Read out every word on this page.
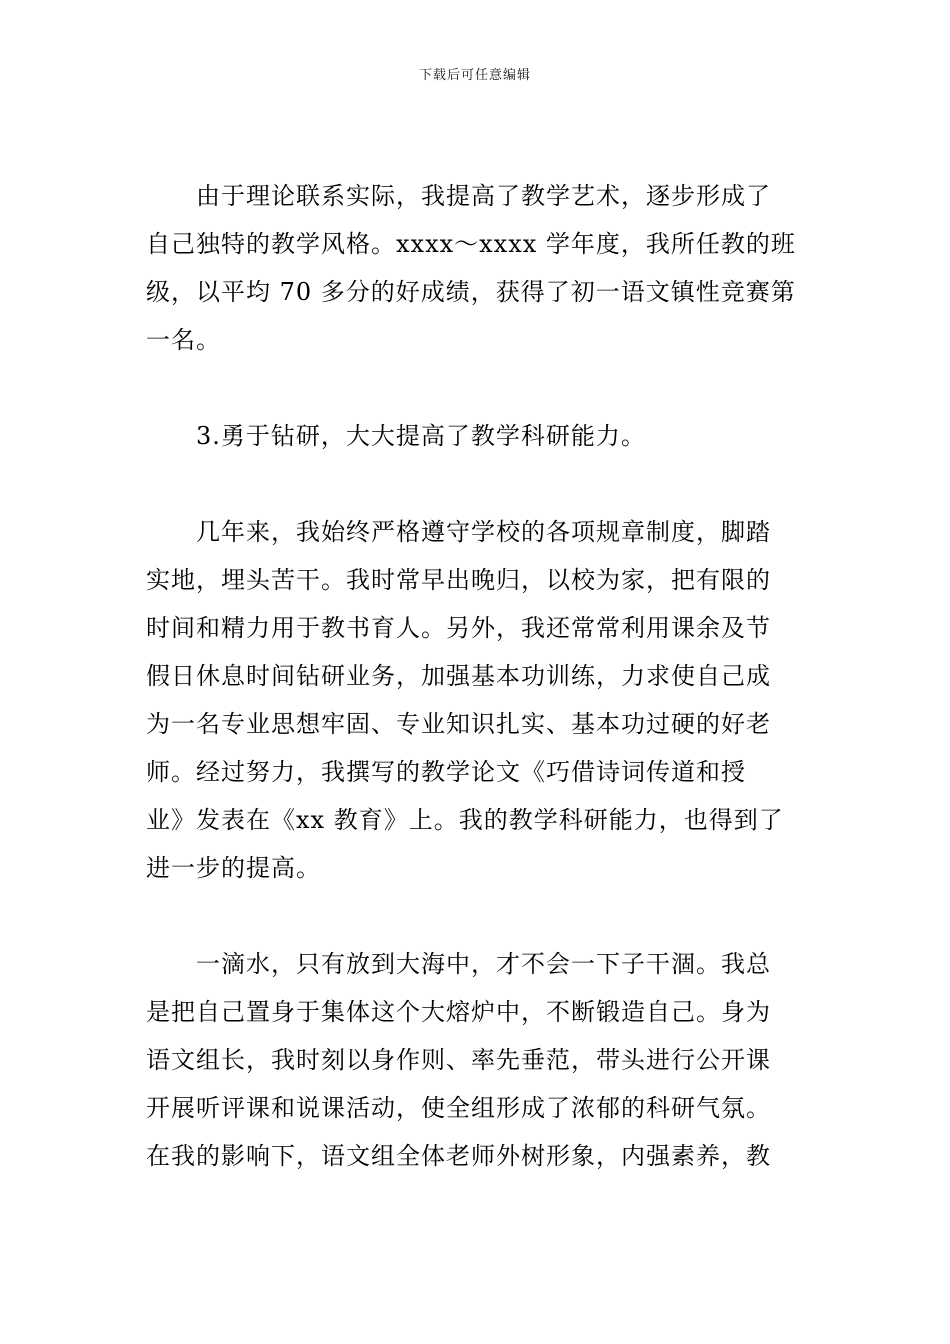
下载后可任意编辑

由于理论联系实际，我提高了教学艺术，逐步形成了
自己独特的教学风格。xxxx～xxxx 学年度，我所任教的班
级，以平均 70 多分的好成绩，获得了初一语文镇性竞赛第
一名。

3.勇于钻研，大大提高了教学科研能力。

几年来，我始终严格遵守学校的各项规章制度，脚踏
实地，埋头苦干。我时常早出晚归，以校为家，把有限的
时间和精力用于教书育人。另外，我还常常利用课余及节
假日休息时间钻研业务，加强基本功训练，力求使自己成
为一名专业思想牢固、专业知识扎实、基本功过硬的好老
师。经过努力，我撰写的教学论文《巧借诗词传道和授
业》发表在《xx 教育》上。我的教学科研能力，也得到了
进一步的提高。

一滴水，只有放到大海中，才不会一下子干涸。我总
是把自己置身于集体这个大熔炉中，不断锻造自己。身为
语文组长，我时刻以身作则、率先垂范，带头进行公开课
开展听评课和说课活动，使全组形成了浓郁的科研气氛。
在我的影响下，语文组全体老师外树形象，内强素养，教
